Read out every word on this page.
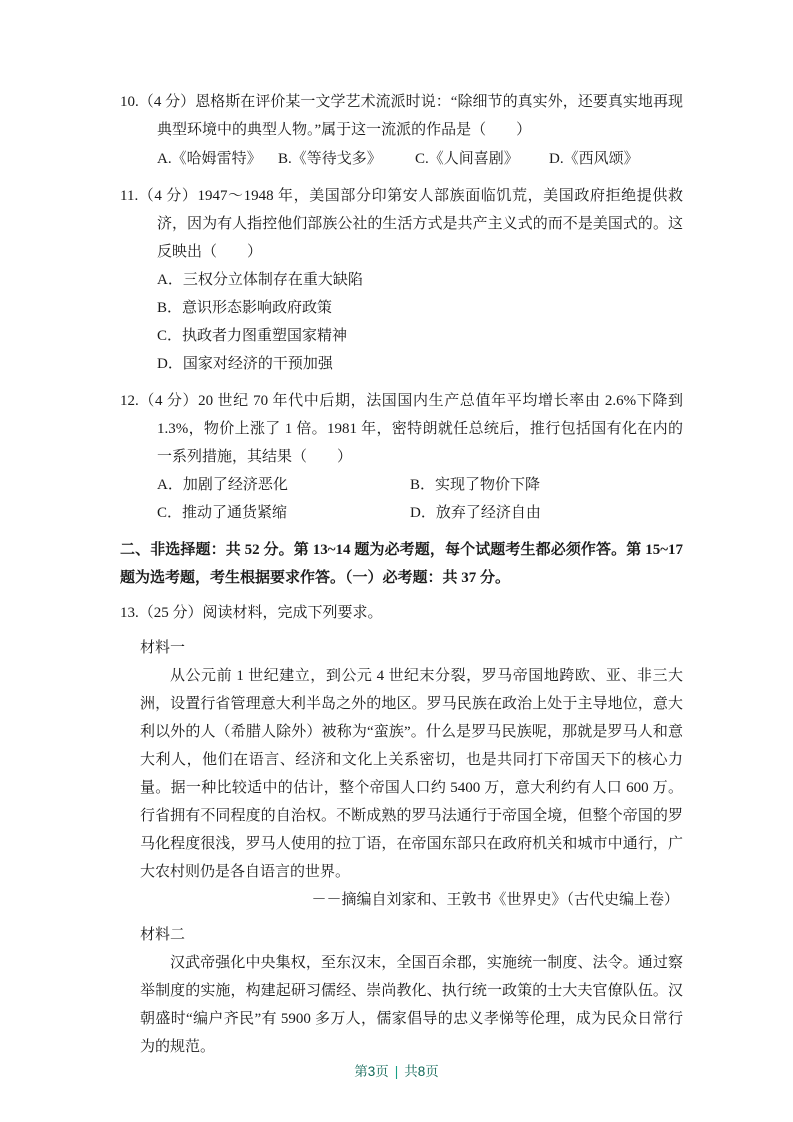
10.（4 分）恩格斯在评价某一文学艺术流派时说：“除细节的真实外，还要真实地再现典型环境中的典型人物。”属于这一流派的作品是（　　）

A.《哈姆雷特》	B.《等待戈多》	C.《人间喜剧》	D.《西风颂》

11.（4 分）1947～1948 年，美国部分印第安人部族面临饥荒，美国政府拒绝提供救济，因为有人指控他们部族公社的生活方式是共产主义式的而不是美国式的。这反映出（　　）

A．三权分立体制存在重大缺陷

B．意识形态影响政府政策

C．执政者力图重塑国家精神

D．国家对经济的干预加强

12.（4 分）20 世纪 70 年代中后期，法国国内生产总值年平均增长率由 2.6%下降到 1.3%，物价上涨了 1 倍。1981 年，密特朗就任总统后，推行包括国有化在内的一系列措施，其结果（　　）

A．加剧了经济恶化	B．实现了物价下降
C．推动了通货紧缩	D．放弃了经济自由

二、非选择题：共 52 分。第 13~14 题为必考题，每个试题考生都必须作答。第 15~17 题为选考题，考生根据要求作答。（一）必考题：共 37 分。

13.（25 分）阅读材料，完成下列要求。

材料一

从公元前 1 世纪建立，到公元 4 世纪末分裂，罗马帝国地跨欧、亚、非三大洲，设置行省管理意大利半岛之外的地区。罗马民族在政治上处于主导地位，意大利以外的人（希腊人除外）被称为“蛮族”。什么是罗马民族呢，那就是罗马人和意大利人，他们在语言、经济和文化上关系密切，也是共同打下帝国天下的核心力量。据一种比较适中的估计，整个帝国人口约 5400 万，意大利约有人口 600 万。行省拥有不同程度的自治权。不断成熟的罗马法通行于帝国全境，但整个帝国的罗马化程度很浅，罗马人使用的拉丁语，在帝国东部只在政府机关和城市中通行，广大农村则仍是各自语言的世界。

－－摘编自刘家和、王敦书《世界史》（古代史编上卷）

材料二

汉武帝强化中央集权，至东汉末，全国百余郡，实施统一制度、法令。通过察举制度的实施，构建起研习儒经、崇尚教化、执行统一政策的士大夫官僚队伍。汉朝盛时“编户齐民”有 5900 多万人，儒家倡导的忠义孝悌等伦理，成为民众日常行为的规范。

第3页 | 共8页
